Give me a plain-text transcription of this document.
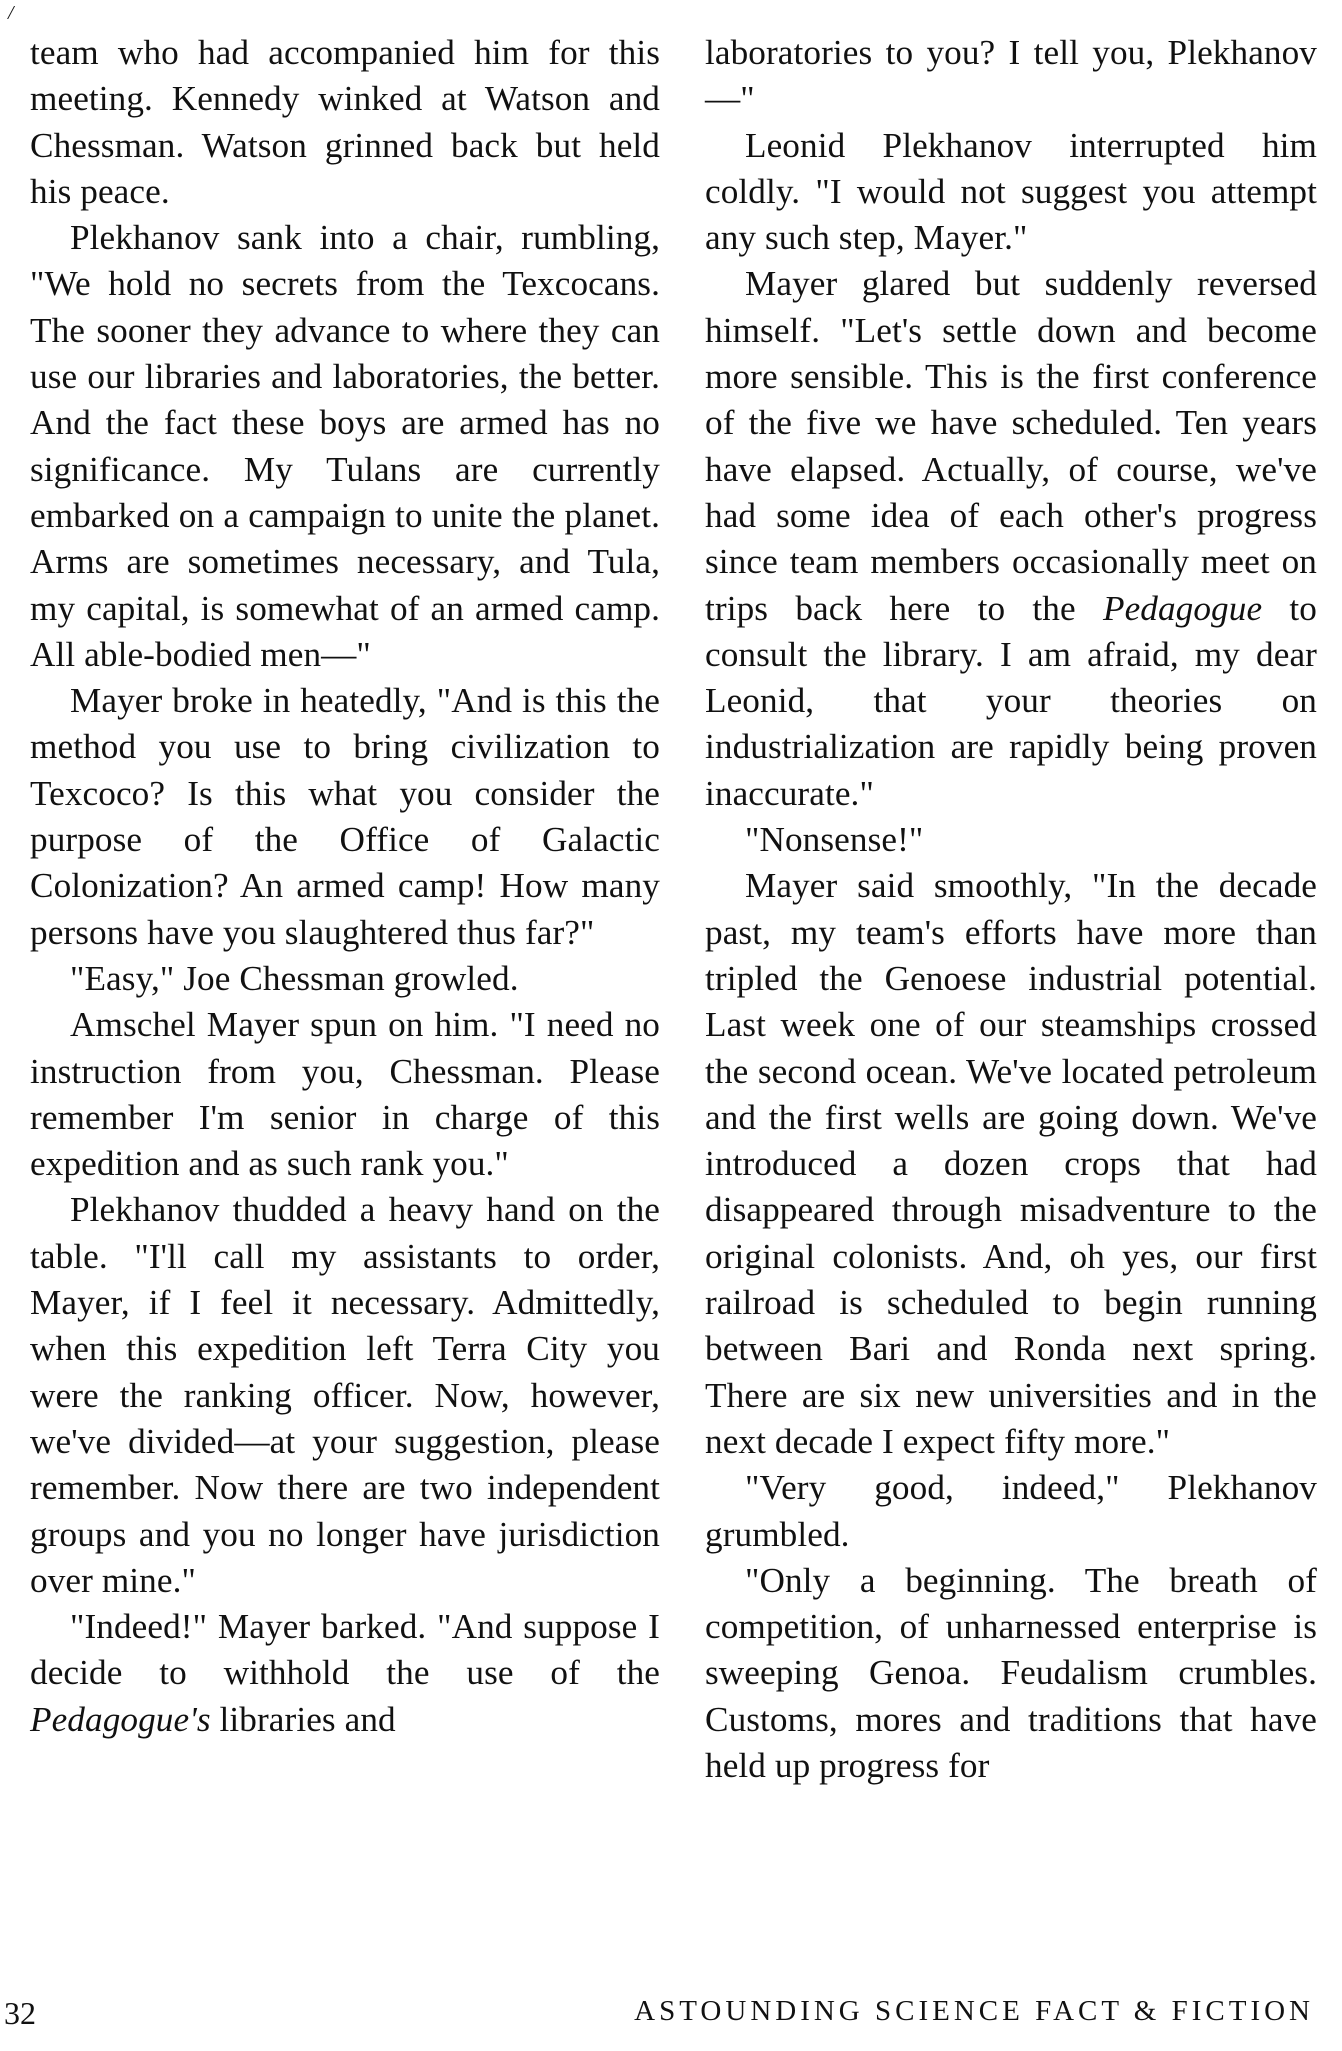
/

team who had accompanied him for this meeting. Kennedy winked at Watson and Chessman. Watson grinned back but held his peace.

Plekhanov sank into a chair, rumbling, "We hold no secrets from the Texcocans. The sooner they advance to where they can use our libraries and laboratories, the better. And the fact these boys are armed has no significance. My Tulans are currently embarked on a campaign to unite the planet. Arms are sometimes necessary, and Tula, my capital, is somewhat of an armed camp. All able-bodied men—"

Mayer broke in heatedly, "And is this the method you use to bring civilization to Texcoco? Is this what you consider the purpose of the Office of Galactic Colonization? An armed camp! How many persons have you slaughtered thus far?"

"Easy," Joe Chessman growled.

Amschel Mayer spun on him. "I need no instruction from you, Chessman. Please remember I'm senior in charge of this expedition and as such rank you."

Plekhanov thudded a heavy hand on the table. "I'll call my assistants to order, Mayer, if I feel it necessary. Admittedly, when this expedition left Terra City you were the ranking officer. Now, however, we've divided—at your suggestion, please remember. Now there are two independent groups and you no longer have jurisdiction over mine."

"Indeed!" Mayer barked. "And suppose I decide to withhold the use of the Pedagogue's libraries and

laboratories to you? I tell you, Plekhanov—"

Leonid Plekhanov interrupted him coldly. "I would not suggest you attempt any such step, Mayer."

Mayer glared but suddenly reversed himself. "Let's settle down and become more sensible. This is the first conference of the five we have scheduled. Ten years have elapsed. Actually, of course, we've had some idea of each other's progress since team members occasionally meet on trips back here to the Pedagogue to consult the library. I am afraid, my dear Leonid, that your theories on industrialization are rapidly being proven inaccurate."

"Nonsense!"

Mayer said smoothly, "In the decade past, my team's efforts have more than tripled the Genoese industrial potential. Last week one of our steamships crossed the second ocean. We've located petroleum and the first wells are going down. We've introduced a dozen crops that had disappeared through misadventure to the original colonists. And, oh yes, our first railroad is scheduled to begin running between Bari and Ronda next spring. There are six new universities and in the next decade I expect fifty more."

"Very good, indeed," Plekhanov grumbled.

"Only a beginning. The breath of competition, of unharnessed enterprise is sweeping Genoa. Feudalism crumbles. Customs, mores and traditions that have held up progress for

32	ASTOUNDING SCIENCE FACT & FICTION
